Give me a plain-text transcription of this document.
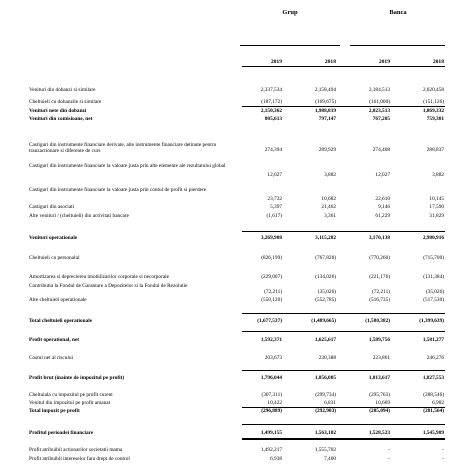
Grup	Banca
2019	2018	2019	2018
Venituri din dobanzi si similare	2,337,534	2,158,494	2,184,513	2,020,458
Cheltuieli cu dobanzile si similare	(187,172)	(169,675)	(161,000)	(151,126)
Venituri nete din dobanzi	2,150,362	1,988,819	2,023,513	1,869,332
Venituri din comisioane, net	805,613	797,147	767,205	759,301
Castiguri din instrumente financiare derivate, alte instrumente financiare detinute pentru tranzactionare si diferente de curs	274,394	289,929	274,408	288,837
Castiguri din instrumente financiare la valoare justa prin alte elemente ale rezultatului global
12,027	3,882	12,027	3,882
Castiguri din instrumente financiare la valoare justa prin contul de profit si pierdere
23,732	10,682	22,610	10,145
Castiguri din asociati	5,397	21,462	9,146	17,590
Alte venituri / (cheltuieli) din activitati bancare	(1,617)	3,361	61,229	31,829
Venituri operationale	3,269,908	3,115,282	3,170,138	2,980,916
Cheltuieli cu personalul	(826,199)	(767,828)	(770,260)	(715,700)
Amortizarea si deprecierea imobilizarilor corporale si necorporale	(229,007)	(134,026)	(221,176)	(131,384)
Contributia la Fondul de Garantare a Depozitelor si la Fondul de Rezolutie
(72,211)	(35,026)	(72,211)	(35,026)
Alte cheltuieli operationale	(550,120)	(552,785)	(516,735)	(517,530)
Total cheltuieli operationale	(1,677,537)	(1,489,665)	(1,580,382)	(1,399,639)
Profit operational, net	1,592,371	1,625,617	1,589,756	1,581,277
Costul net al riscului	203,673	230,388	223,861	246,276
Profit brut (inainte de impozitul pe profit)	1,796,044	1,856,005	1,813,617	1,827,553
Cheltuiala cu impozitul pe profit curent	(307,311)	(299,734)	(295,763)	(288,546)
Venitul din impozitul pe profit amanat	10,422	6,831	10,669	6,982
Total impozit pe profit	(296,889)	(292,903)	(285,094)	(281,564)
Profitul perioadei financiare	1,499,155	1,563,102	1,528,523	1,545,989
Profit atribuibil actionarilor societatii mama	1,492,217	1,555,702	-	-
Profit atribuibil intereselor fara drept de control	6,938	7,400	-	-
